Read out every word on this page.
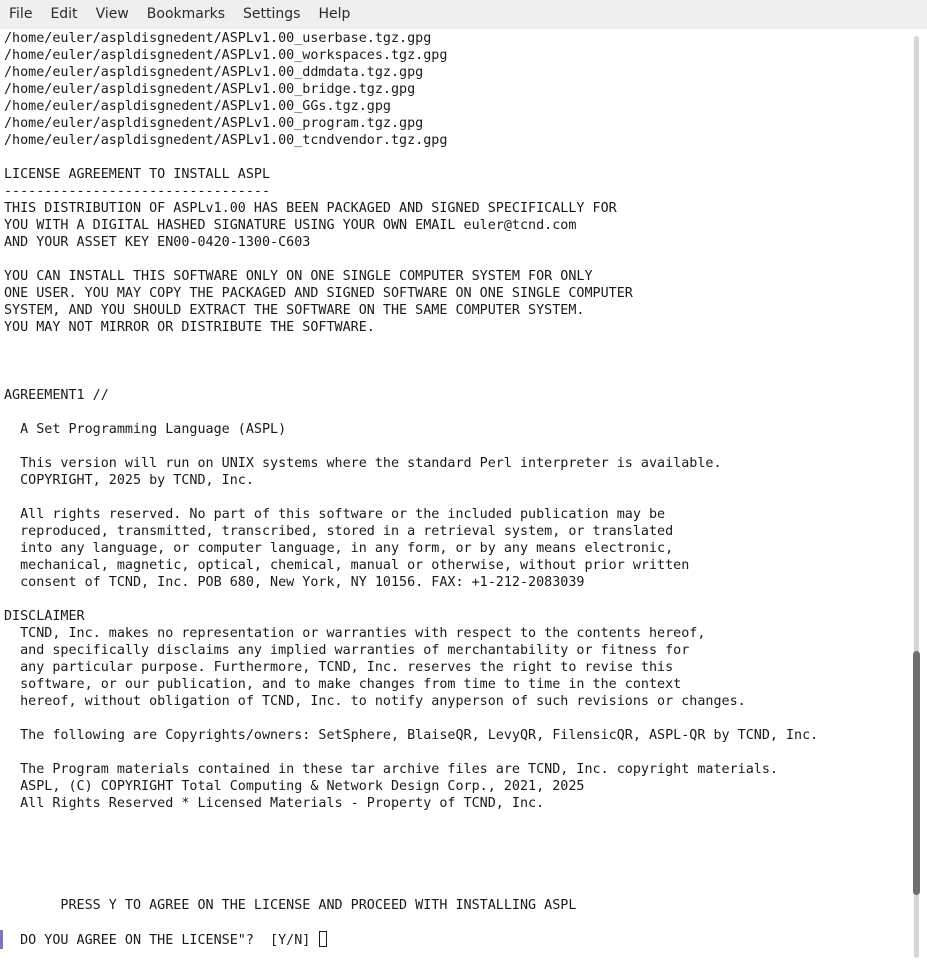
File	Edit	View	Bookmarks	Settings	Help
/home/euler/aspldisgnedent/ASPLv1.00_userbase.tgz.gpg
/home/euler/aspldisgnedent/ASPLv1.00_workspaces.tgz.gpg
/home/euler/aspldisgnedent/ASPLv1.00_ddmdata.tgz.gpg
/home/euler/aspldisgnedent/ASPLv1.00_bridge.tgz.gpg
/home/euler/aspldisgnedent/ASPLv1.00_GGs.tgz.gpg
/home/euler/aspldisgnedent/ASPLv1.00_program.tgz.gpg
/home/euler/aspldisgnedent/ASPLv1.00_tcndvendor.tgz.gpg
LICENSE AGREEMENT TO INSTALL ASPL
---------------------------------
THIS DISTRIBUTION OF ASPLv1.00 HAS BEEN PACKAGED AND SIGNED SPECIFICALLY FOR
YOU WITH A DIGITAL HASHED SIGNATURE USING YOUR OWN EMAIL euler@tcnd.com
AND YOUR ASSET KEY EN00-0420-1300-C603
YOU CAN INSTALL THIS SOFTWARE ONLY ON ONE SINGLE COMPUTER SYSTEM FOR ONLY
ONE USER. YOU MAY COPY THE PACKAGED AND SIGNED SOFTWARE ON ONE SINGLE COMPUTER
SYSTEM, AND YOU SHOULD EXTRACT THE SOFTWARE ON THE SAME COMPUTER SYSTEM.
YOU MAY NOT MIRROR OR DISTRIBUTE THE SOFTWARE.
AGREEMENT1 //
A Set Programming Language (ASPL)
This version will run on UNIX systems where the standard Perl interpreter is available.
COPYRIGHT, 2025 by TCND, Inc.
All rights reserved. No part of this software or the included publication may be
reproduced, transmitted, transcribed, stored in a retrieval system, or translated
into any language, or computer language, in any form, or by any means electronic,
mechanical, magnetic, optical, chemical, manual or otherwise, without prior written
consent of TCND, Inc. POB 680, New York, NY 10156. FAX: +1-212-2083039
DISCLAIMER
TCND, Inc. makes no representation or warranties with respect to the contents hereof,
and specifically disclaims any implied warranties of merchantability or fitness for
any particular purpose. Furthermore, TCND, Inc. reserves the right to revise this
software, or our publication, and to make changes from time to time in the context
hereof, without obligation of TCND, Inc. to notify anyperson of such revisions or changes.
The following are Copyrights/owners: SetSphere, BlaiseQR, LevyQR, FilensicQR, ASPL-QR by TCND, Inc.
The Program materials contained in these tar archive files are TCND, Inc. copyright materials.
ASPL, (C) COPYRIGHT Total Computing & Network Design Corp., 2021, 2025
All Rights Reserved * Licensed Materials - Property of TCND, Inc.
PRESS Y TO AGREE ON THE LICENSE AND PROCEED WITH INSTALLING ASPL
DO YOU AGREE ON THE LICENSE"?  [Y/N]
